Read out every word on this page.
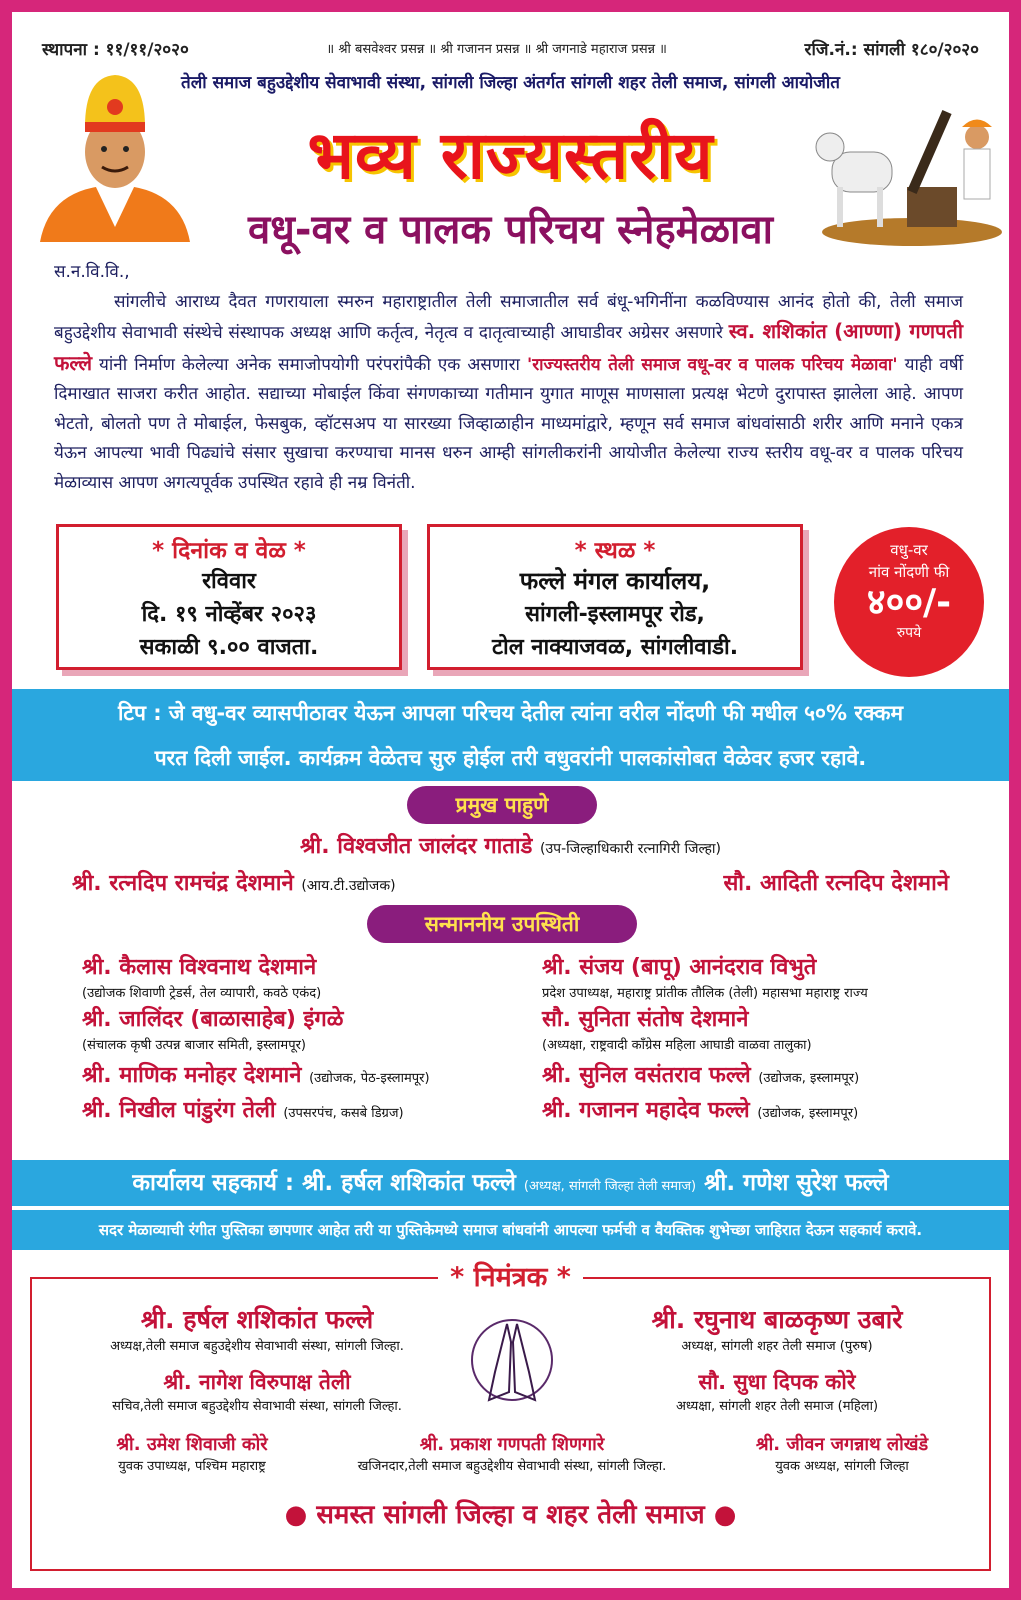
स्थापना : ११/११/२०२०	॥ श्री बसवेश्वर प्रसन्न ॥ श्री गजानन प्रसन्न ॥ श्री जगनाडे महाराज प्रसन्न ॥	रजि.नं.: सांगली १८०/२०२०
तेली समाज बहुउद्देशीय सेवाभावी संस्था, सांगली जिल्हा अंतर्गत सांगली शहर तेली समाज, सांगली आयोजीत
भव्य राज्यस्तरीय
वधू-वर व पालक परिचय स्नेहमेळावा
स.न.वि.वि.,
सांगलीचे आराध्य दैवत गणरायाला स्मरुन महाराष्ट्रातील तेली समाजातील सर्व बंधू-भगिनींना कळविण्यास आनंद होतो की, तेली समाज बहुउद्देशीय सेवाभावी संस्थेचे संस्थापक अध्यक्ष आणि कर्तृत्व, नेतृत्व व दातृत्वाच्याही आघाडीवर अग्रेसर असणारे स्व. शशिकांत (आण्णा) गणपती फल्ले यांनी निर्माण केलेल्या अनेक समाजोपयोगी परंपरांपैकी एक असणारा 'राज्यस्तरीय तेली समाज वधू-वर व पालक परिचय मेळावा' याही वर्षी दिमाखात साजरा करीत आहोत. सद्याच्या मोबाईल किंवा संगणकाच्या गतीमान युगात माणूस माणसाला प्रत्यक्ष भेटणे दुरापास्त झालेला आहे. आपण भेटतो, बोलतो पण ते मोबाईल, फेसबुक, व्हॉटसअप या सारख्या जिव्हाळाहीन माध्यमांद्वारे, म्हणून सर्व समाज बांधवांसाठी शरीर आणि मनाने एकत्र येऊन आपल्या भावी पिढ्यांचे संसार सुखाचा करण्याचा मानस धरुन आम्ही सांगलीकरांनी आयोजीत केलेल्या राज्य स्तरीय वधू-वर व पालक परिचय मेळाव्यास आपण अगत्यपूर्वक उपस्थित रहावे ही नम्र विनंती.
* दिनांक व वेळ *
रविवार
दि. १९ नोव्हेंबर २०२३
सकाळी ९.०० वाजता.
* स्थळ *
फल्ले मंगल कार्यालय,
सांगली-इस्लामपूर रोड,
टोल नाक्याजवळ, सांगलीवाडी.
वधु-वर
नांव नोंदणी फी
४००/-
रुपये
टिप : जे वधु-वर व्यासपीठावर येऊन आपला परिचय देतील त्यांना वरील नोंदणी फी मधील ५०% रक्कम
परत दिली जाईल. कार्यक्रम वेळेतच सुरु होईल तरी वधुवरांनी पालकांसोबत वेळेवर हजर रहावे.
प्रमुख पाहुणे
श्री. विश्वजीत जालंदर गाताडे (उप-जिल्हाधिकारी रत्नागिरी जिल्हा)
श्री. रत्नदिप रामचंद्र देशमाने (आय.टी.उद्योजक)	सौ. आदिती रत्नदिप देशमाने
सन्माननीय उपस्थिती
श्री. कैलास विश्वनाथ देशमाने
(उद्योजक शिवाणी ट्रेडर्स, तेल व्यापारी, कवठे एकंद)
श्री. जालिंदर (बाळासाहेब) इंगळे
(संचालक कृषी उत्पन्न बाजार समिती, इस्लामपूर)
श्री. माणिक मनोहर देशमाने (उद्योजक, पेठ-इस्लामपूर)
श्री. निखील पांडुरंग तेली (उपसरपंच, कसबे डिग्रज)
श्री. संजय (बापू) आनंदराव विभुते
प्रदेश उपाध्यक्ष, महाराष्ट्र प्रांतीक तौलिक (तेली) महासभा महाराष्ट्र राज्य
सौ. सुनिता संतोष देशमाने
(अध्यक्षा, राष्ट्रवादी काँग्रेस महिला आघाडी वाळवा तालुका)
श्री. सुनिल वसंतराव फल्ले (उद्योजक, इस्लामपूर)
श्री. गजानन महादेव फल्ले (उद्योजक, इस्लामपूर)
कार्यालय सहकार्य : श्री. हर्षल शशिकांत फल्ले (अध्यक्ष, सांगली जिल्हा तेली समाज) श्री. गणेश सुरेश फल्ले
सदर मेळाव्याची रंगीत पुस्तिका छापणार आहेत तरी या पुस्तिकेमध्ये समाज बांधवांनी आपल्या फर्मची व वैयक्तिक शुभेच्छा जाहिरात देऊन सहकार्य करावे.
* निमंत्रक *
श्री. हर्षल शशिकांत फल्ले
अध्यक्ष,तेली समाज बहुउद्देशीय सेवाभावी संस्था, सांगली जिल्हा.
श्री. रघुनाथ बाळकृष्ण उबारे
अध्यक्ष, सांगली शहर तेली समाज (पुरुष)
श्री. नागेश विरुपाक्ष तेली
सचिव,तेली समाज बहुउद्देशीय सेवाभावी संस्था, सांगली जिल्हा.
सौ. सुधा दिपक कोरे
अध्यक्षा, सांगली शहर तेली समाज (महिला)
श्री. उमेश शिवाजी कोरे
युवक उपाध्यक्ष, पश्चिम महाराष्ट्र
श्री. प्रकाश गणपती शिणगारे
खजिनदार,तेली समाज बहुउद्देशीय सेवाभावी संस्था, सांगली जिल्हा.
श्री. जीवन जगन्नाथ लोखंडे
युवक अध्यक्ष, सांगली जिल्हा
● समस्त सांगली जिल्हा व शहर तेली समाज ●
